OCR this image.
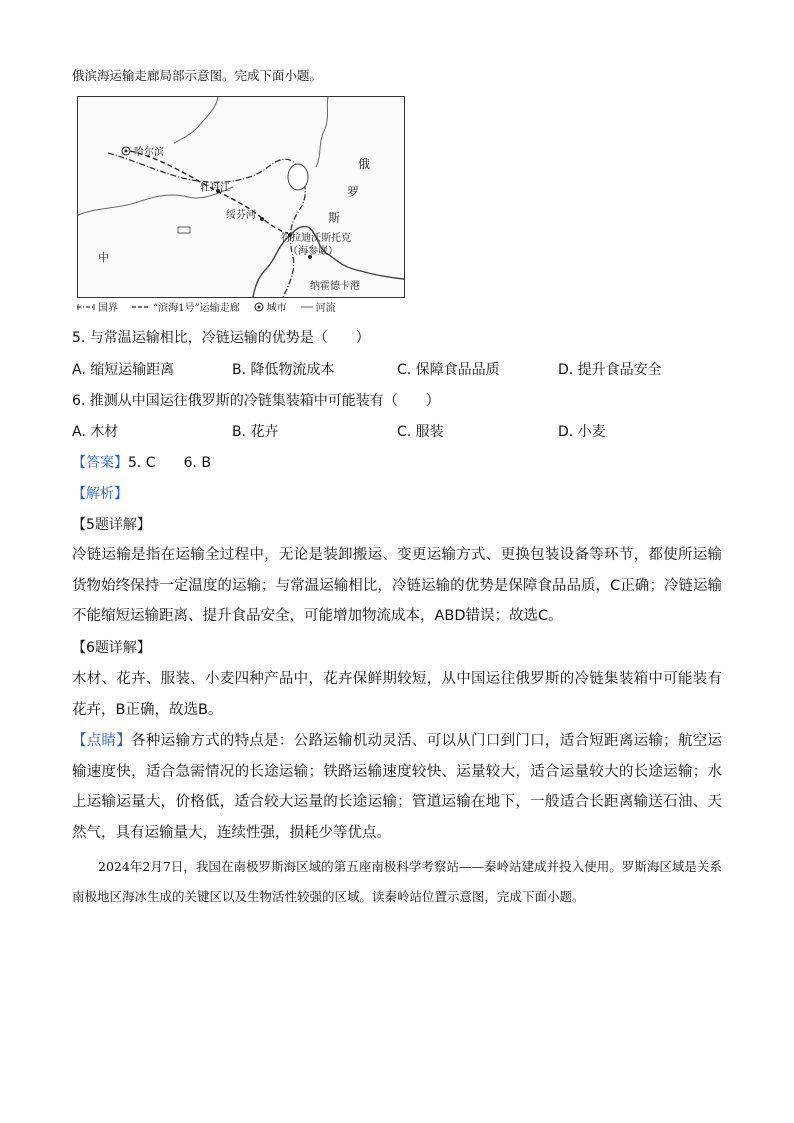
俄滨海运输走廊局部示意图。完成下面小题。
哈尔滨
牡丹江
绥芬河
俄
罗
斯
符拉迪沃斯托克
（海参崴）
纳霍德卡港
中
国界	“滨海1号”运输走廊	城市	河流
5. 与常温运输相比，冷链运输的优势是（　　）
A. 缩短运输距离	B. 降低物流成本	C. 保障食品品质	D. 提升食品安全
6. 推测从中国运往俄罗斯的冷链集装箱中可能装有（　　）
A. 木材	B. 花卉	C. 服装	D. 小麦
【答案】5. C　　6. B
【解析】
【5题详解】
冷链运输是指在运输全过程中，无论是装卸搬运、变更运输方式、更换包装设备等环节，都使所运输货物始终保持一定温度的运输；与常温运输相比，冷链运输的优势是保障食品品质，C正确；冷链运输不能缩短运输距离、提升食品安全，可能增加物流成本，ABD错误；故选C。
【6题详解】
木材、花卉、服装、小麦四种产品中，花卉保鲜期较短，从中国运往俄罗斯的冷链集装箱中可能装有花卉，B正确，故选B。
【点睛】各种运输方式的特点是：公路运输机动灵活、可以从门口到门口，适合短距离运输；航空运输速度快，适合急需情况的长途运输；铁路运输速度较快、运量较大，适合运量较大的长途运输；水上运输运量大，价格低，适合较大运量的长途运输；管道运输在地下，一般适合长距离输送石油、天然气，具有运输量大，连续性强，损耗少等优点。
2024年2月7日，我国在南极罗斯海区域的第五座南极科学考察站——秦岭站建成并投入使用。罗斯海区域是关系南极地区海冰生成的关键区以及生物活性较强的区域。读秦岭站位置示意图，完成下面小题。
